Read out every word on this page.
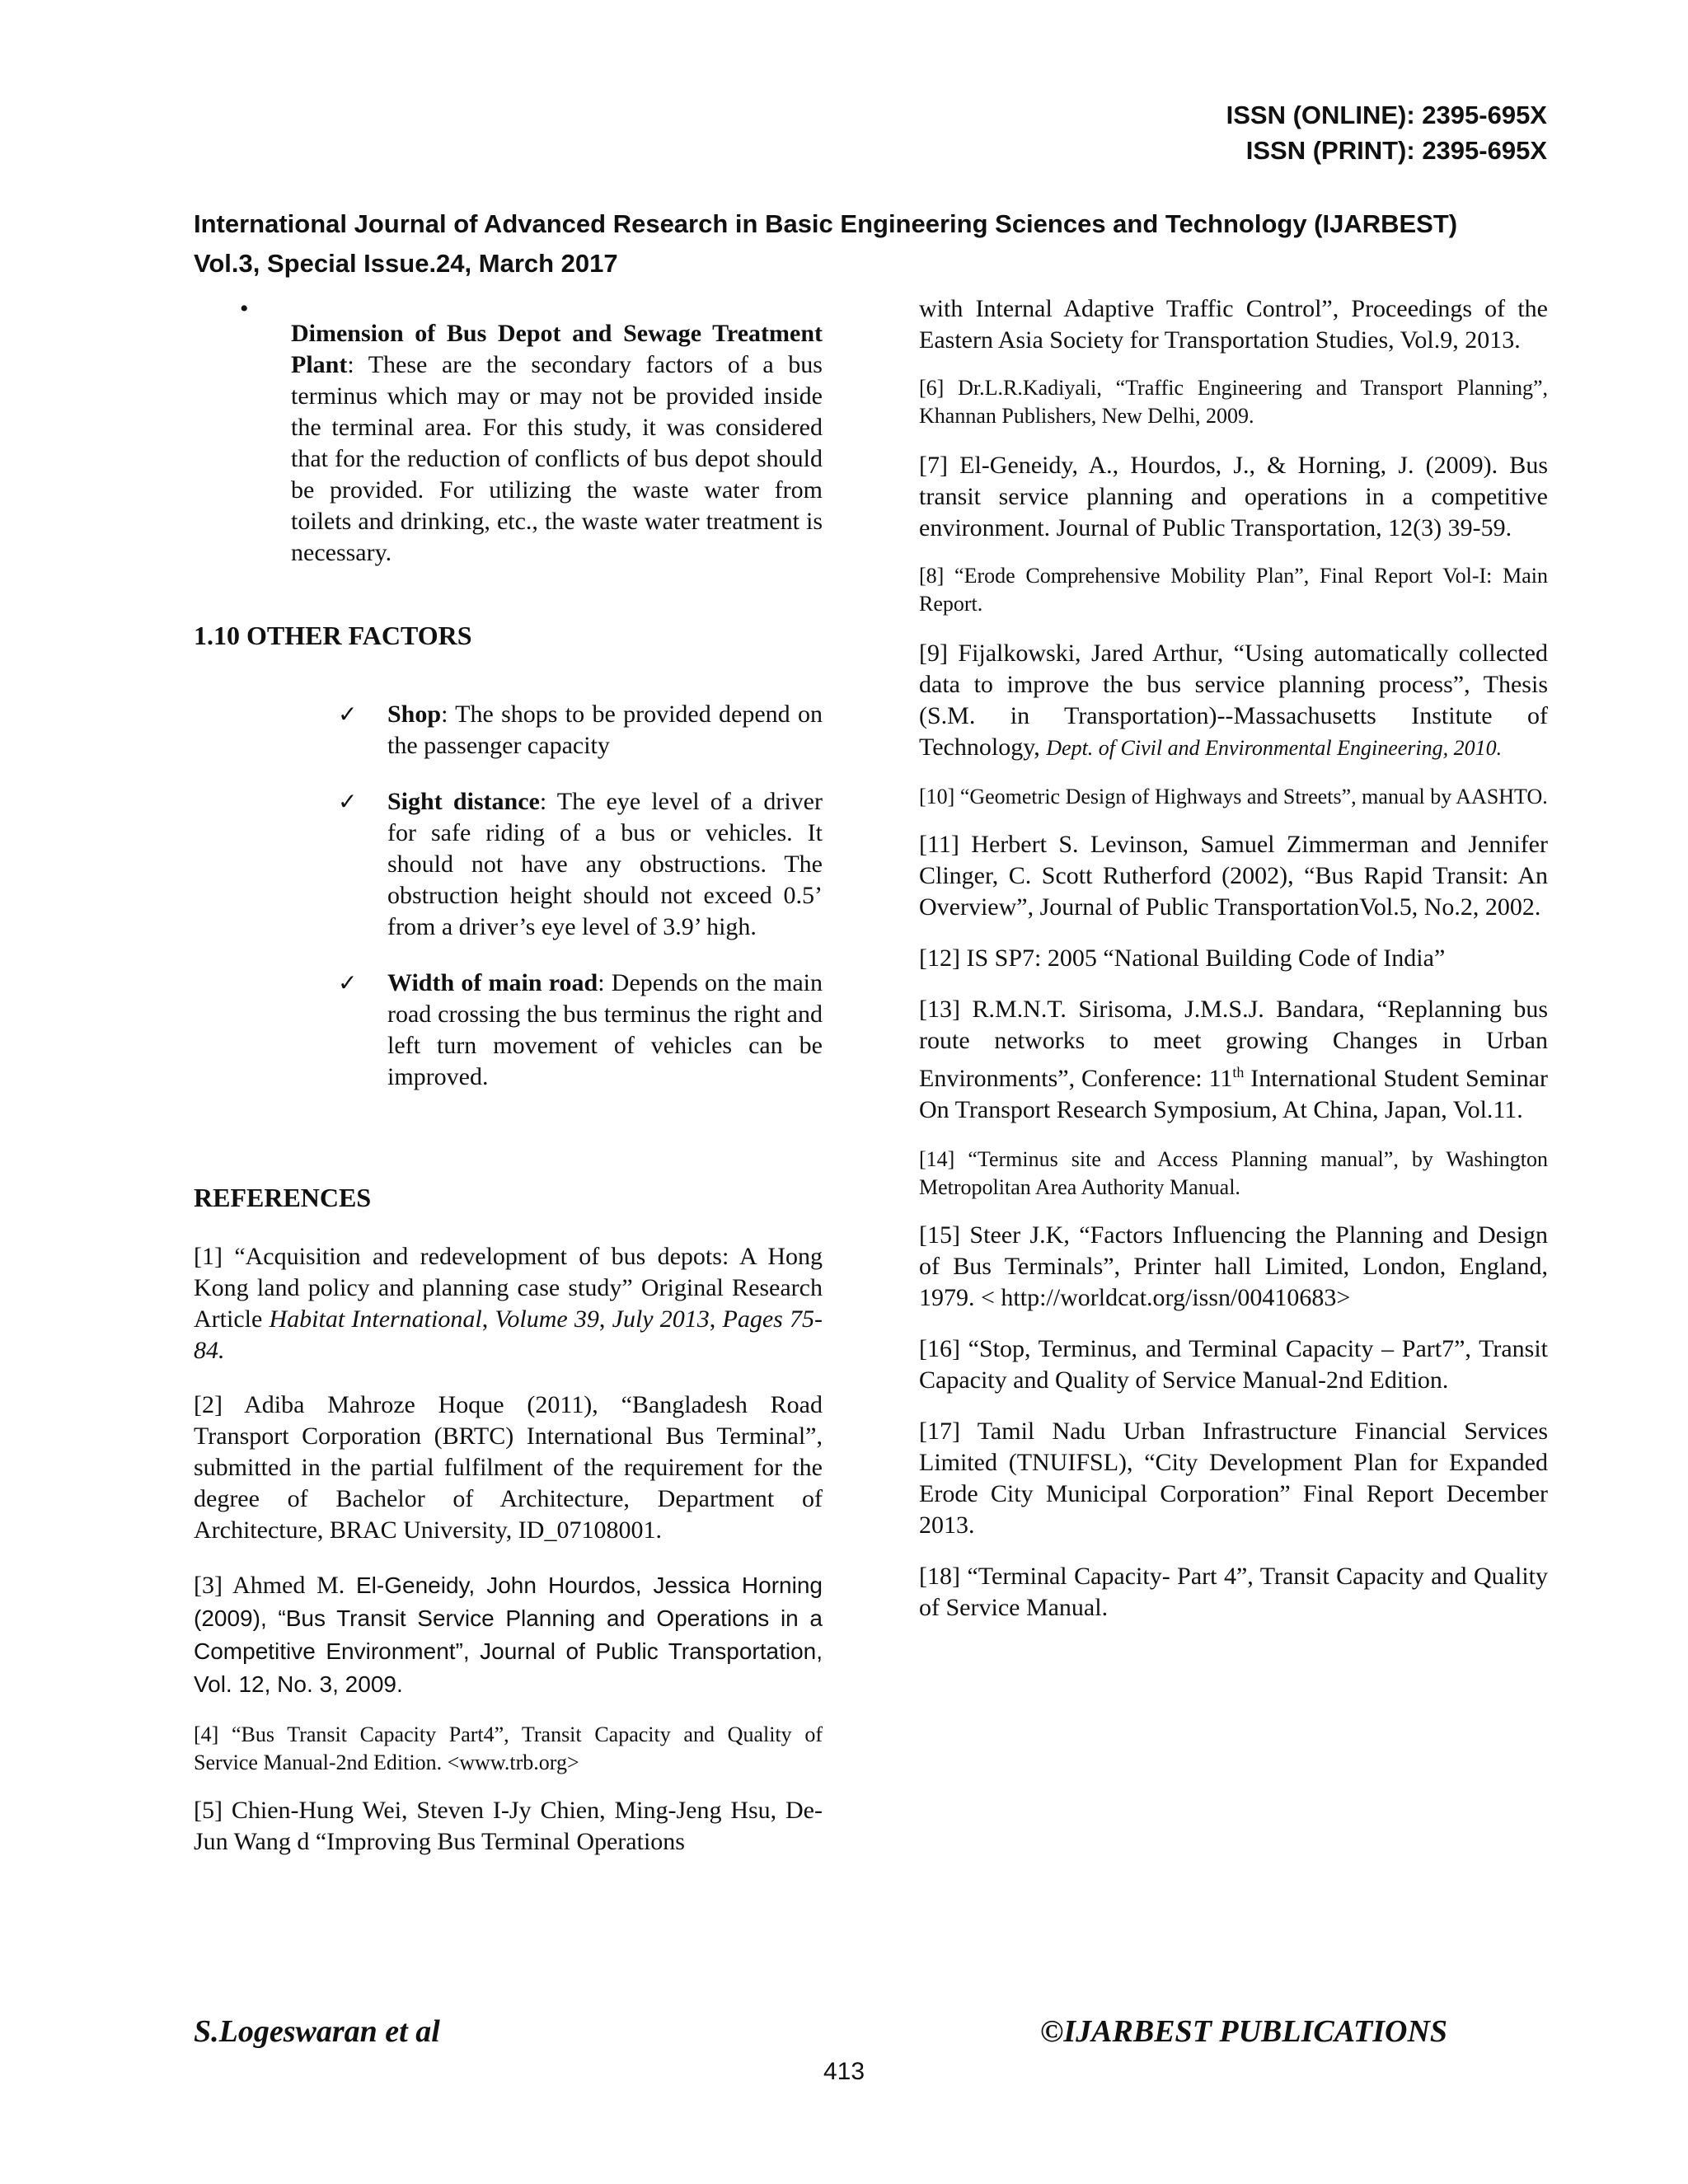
ISSN (ONLINE): 2395-695X
ISSN (PRINT): 2395-695X
International Journal of Advanced Research in Basic Engineering Sciences and Technology (IJARBEST)
Vol.3, Special Issue.24, March 2017
•

Dimension of Bus Depot and Sewage Treatment Plant: These are the secondary factors of a bus terminus which may or may not be provided inside the terminal area. For this study, it was considered that for the reduction of conflicts of bus depot should be provided. For utilizing the waste water from toilets and drinking, etc., the waste water treatment is necessary.

1.10 OTHER FACTORS

✓	Shop: The shops to be provided depend on the passenger capacity

✓	Sight distance: The eye level of a driver for safe riding of a bus or vehicles. It should not have any obstructions. The obstruction height should not exceed 0.5’ from a driver’s eye level of 3.9’ high.

✓	Width of main road: Depends on the main road crossing the bus terminus the right and left turn movement of vehicles can be improved.

REFERENCES

[1] “Acquisition and redevelopment of bus depots: A Hong Kong land policy and planning case study” Original Research Article Habitat International, Volume 39, July 2013, Pages 75-84.

[2] Adiba Mahroze Hoque (2011), “Bangladesh Road Transport Corporation (BRTC) International Bus Terminal”, submitted in the partial fulfilment of the requirement for the degree of Bachelor of Architecture, Department of Architecture, BRAC University, ID_07108001.

[3] Ahmed M. El-Geneidy, John Hourdos, Jessica Horning (2009), “Bus Transit Service Planning and Operations in a Competitive Environment”, Journal of Public Transportation, Vol. 12, No. 3, 2009.

[4] “Bus Transit Capacity Part4”, Transit Capacity and Quality of Service Manual-2nd Edition. <www.trb.org>

[5] Chien-Hung Wei, Steven I-Jy Chien, Ming-Jeng Hsu, De-Jun Wang d “Improving Bus Terminal Operations

with Internal Adaptive Traffic Control”, Proceedings of the Eastern Asia Society for Transportation Studies, Vol.9, 2013.

[6] Dr.L.R.Kadiyali, “Traffic Engineering and Transport Planning”, Khannan Publishers, New Delhi, 2009.

[7] El-Geneidy, A., Hourdos, J., & Horning, J. (2009). Bus transit service planning and operations in a competitive environment. Journal of Public Transportation, 12(3) 39-59.

[8] “Erode Comprehensive Mobility Plan”, Final Report Vol-I: Main Report.

[9] Fijalkowski, Jared Arthur, “Using automatically collected data to improve the bus service planning process”, Thesis (S.M. in Transportation)--Massachusetts Institute of Technology, Dept. of Civil and Environmental Engineering, 2010.

[10] “Geometric Design of Highways and Streets”, manual by AASHTO.

[11] Herbert S. Levinson, Samuel Zimmerman and Jennifer Clinger, C. Scott Rutherford (2002), “Bus Rapid Transit: An Overview”, Journal of Public TransportationVol.5, No.2, 2002.

[12] IS SP7: 2005 “National Building Code of India”

[13] R.M.N.T. Sirisoma, J.M.S.J. Bandara, “Replanning bus route networks to meet growing Changes in Urban Environments”, Conference: 11th International Student Seminar On Transport Research Symposium, At China, Japan, Vol.11.

[14] “Terminus site and Access Planning manual”, by Washington Metropolitan Area Authority Manual.

[15] Steer J.K, “Factors Influencing the Planning and Design of Bus Terminals”, Printer hall Limited, London, England, 1979. < http://worldcat.org/issn/00410683>

[16] “Stop, Terminus, and Terminal Capacity – Part7”, Transit Capacity and Quality of Service Manual-2nd Edition.

[17] Tamil Nadu Urban Infrastructure Financial Services Limited (TNUIFSL), “City Development Plan for Expanded Erode City Municipal Corporation” Final Report December 2013.

[18] “Terminal Capacity- Part 4”, Transit Capacity and Quality of Service Manual.

S.Logeswaran et al	©IJARBEST PUBLICATIONS
413
